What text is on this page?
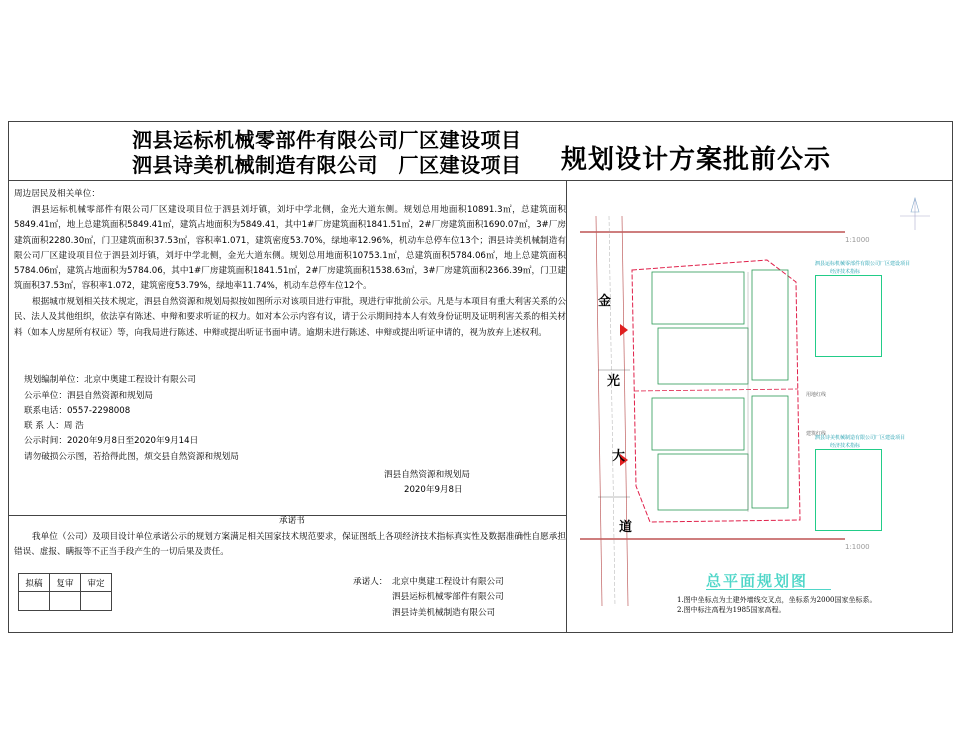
泗县运标机械零部件有限公司厂区建设项目
泗县诗美机械制造有限公司　厂区建设项目 规划设计方案批前公示
周边居民及相关单位：
泗县运标机械零部件有限公司厂区建设项目位于泗县刘圩镇，刘圩中学北侧，金光大道东侧。规划总用地面积10891.3㎡，总建筑面积5849.41㎡，地上总建筑面积5849.41㎡，建筑占地面积为5849.41，其中1#厂房建筑面积1841.51㎡，2#厂房建筑面积1690.07㎡，3#厂房建筑面积2280.30㎡，门卫建筑面积37.53㎡，容积率1.071，建筑密度53.70%，绿地率12.96%，机动车总停车位13个；泗县诗美机械制造有限公司厂区建设项目位于泗县刘圩镇，刘圩中学北侧，金光大道东侧。规划总用地面积10753.1㎡，总建筑面积5784.06㎡，地上总建筑面积5784.06㎡，建筑占地面积为5784.06，其中1#厂房建筑面积1841.51㎡，2#厂房建筑面积1538.63㎡，3#厂房建筑面积2366.39㎡，门卫建筑面积37.53㎡，容积率1.072，建筑密度53.79%，绿地率11.74%，机动车总停车位12个。
根据城市规划相关技术规定，泗县自然资源和规划局拟按如图所示对该项目进行审批，现进行审批前公示。凡是与本项目有重大利害关系的公民、法人及其他组织，依法享有陈述、申辩和要求听证的权力。如对本公示内容有议，请于公示期间持本人有效身份证明及证明利害关系的相关材料（如本人房屋所有权证）等，向我局进行陈述、申辩或提出听证书面申请。逾期未进行陈述、申辩或提出听证申请的，视为放弃上述权利。
规划编制单位：北京中奥建工程设计有限公司
公示单位：泗县自然资源和规划局
联系电话：0557-2298008
联 系 人：周 浩
公示时间：2020年9月8日至2020年9月14日
请勿破损公示图，若拾得此图，烦交县自然资源和规划局
泗县自然资源和规划局
2020年9月8日
承诺书
我单位（公司）及项目设计单位承诺公示的规划方案满足相关国家技术规范要求，保证图纸上各项经济技术指标真实性及数据准确性自愿承担错误、虚报、瞒报等不正当手段产生的一切后果及责任。
拟稿	复审	审定
			承诺人： 北京中奥建工程设计有限公司
泗县运标机械零部件有限公司
泗县诗美机械制造有限公司
金
光
大
道
1:1000
1:1000
用地红线
建筑红线
泗县运标机械零部件有限公司厂区建设项目
经济技术指标
泗县诗美机械制造有限公司厂区建设项目
经济技术指标
总平面规划图
1.图中坐标点为土建外墙线交叉点，坐标系为2000国家坐标系。
2.图中标注高程为1985国家高程。
